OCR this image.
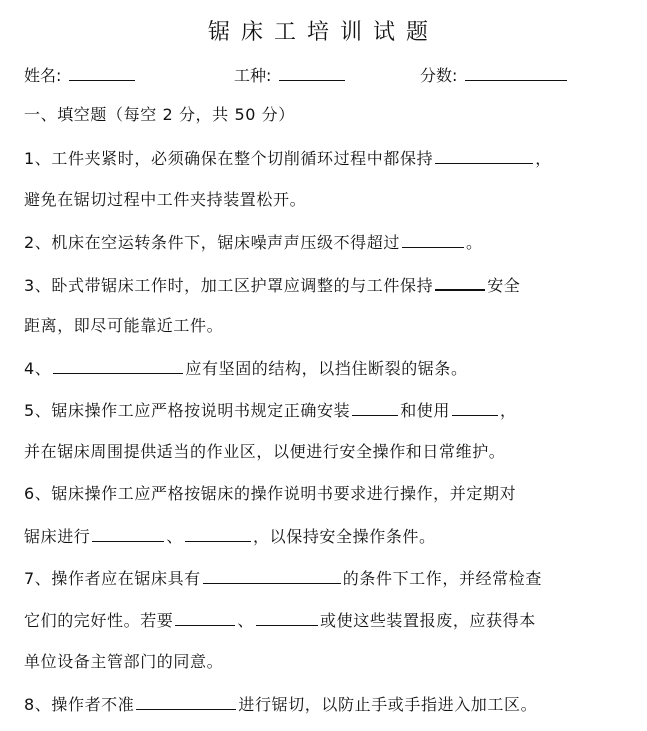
锯床工培训试题
姓名:	工种:	分数:
一、填空题（每空 2 分，共 50 分）
1、工件夹紧时，必须确保在整个切削循环过程中都保持	，
避免在锯切过程中工件夹持装置松开。
2、机床在空运转条件下，锯床噪声声压级不得超过	。
3、卧式带锯床工作时，加工区护罩应调整的与工件保持	安全
距离，即尽可能靠近工件。
4、	应有坚固的结构，以挡住断裂的锯条。
5、锯床操作工应严格按说明书规定正确安装	和使用	，
并在锯床周围提供适当的作业区，以便进行安全操作和日常维护。
6、锯床操作工应严格按锯床的操作说明书要求进行操作，并定期对
锯床进行	、	，以保持安全操作条件。
7、操作者应在锯床具有	的条件下工作，并经常检查
它们的完好性。若要	、	或使这些装置报废，应获得本
单位设备主管部门的同意。
8、操作者不准	进行锯切，以防止手或手指进入加工区。
